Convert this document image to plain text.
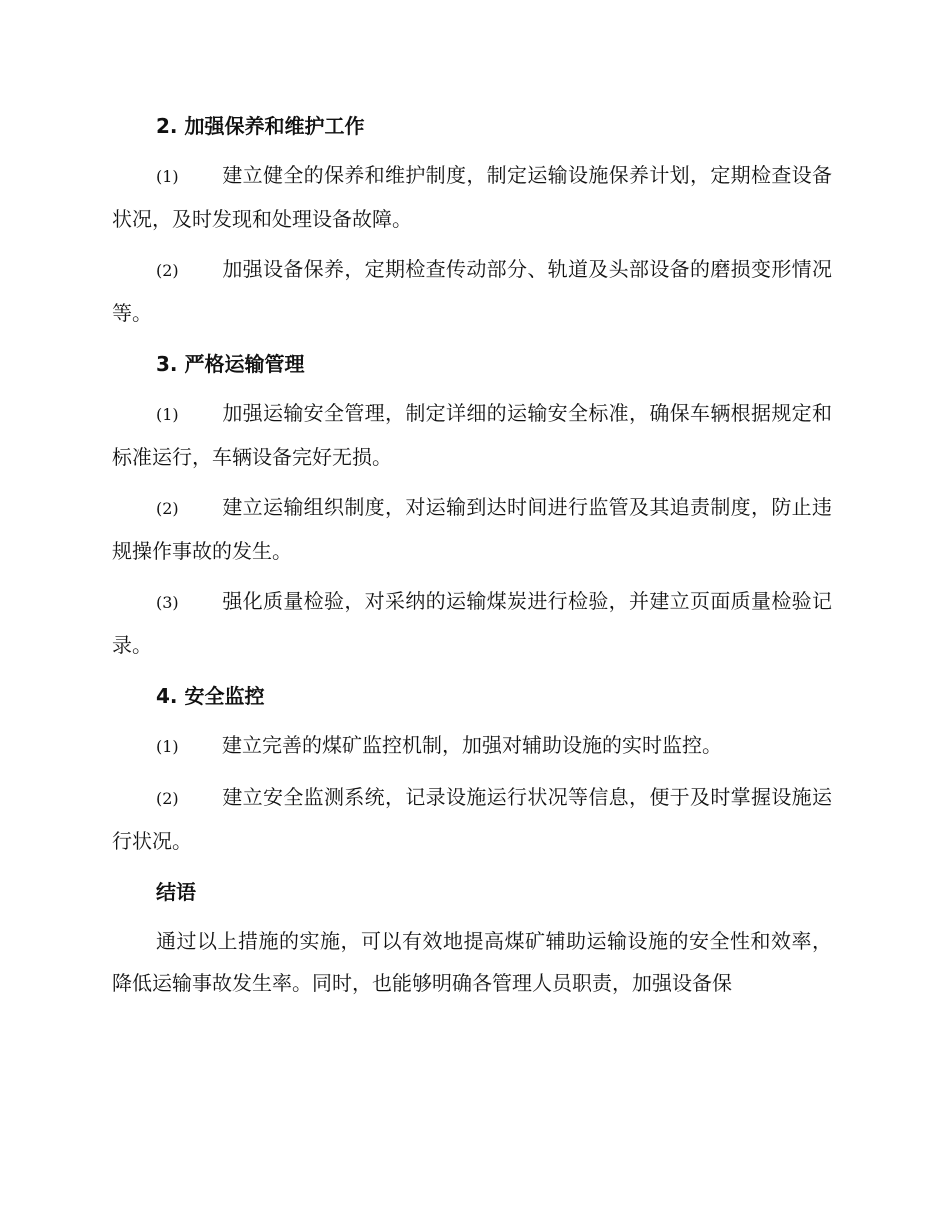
2. 加强保养和维护工作

(1) 建立健全的保养和维护制度，制定运输设施保养计划，定期检查设备状况，及时发现和处理设备故障。

(2) 加强设备保养，定期检查传动部分、轨道及头部设备的磨损变形情况等。

3. 严格运输管理

(1) 加强运输安全管理，制定详细的运输安全标准，确保车辆根据规定和标准运行，车辆设备完好无损。

(2) 建立运输组织制度，对运输到达时间进行监管及其追责制度，防止违规操作事故的发生。

(3) 强化质量检验，对采纳的运输煤炭进行检验，并建立页面质量检验记录。

4. 安全监控

(1) 建立完善的煤矿监控机制，加强对辅助设施的实时监控。

(2) 建立安全监测系统，记录设施运行状况等信息，便于及时掌握设施运行状况。

结语

通过以上措施的实施，可以有效地提高煤矿辅助运输设施的安全性和效率，降低运输事故发生率。同时，也能够明确各管理人员职责，加强设备保
